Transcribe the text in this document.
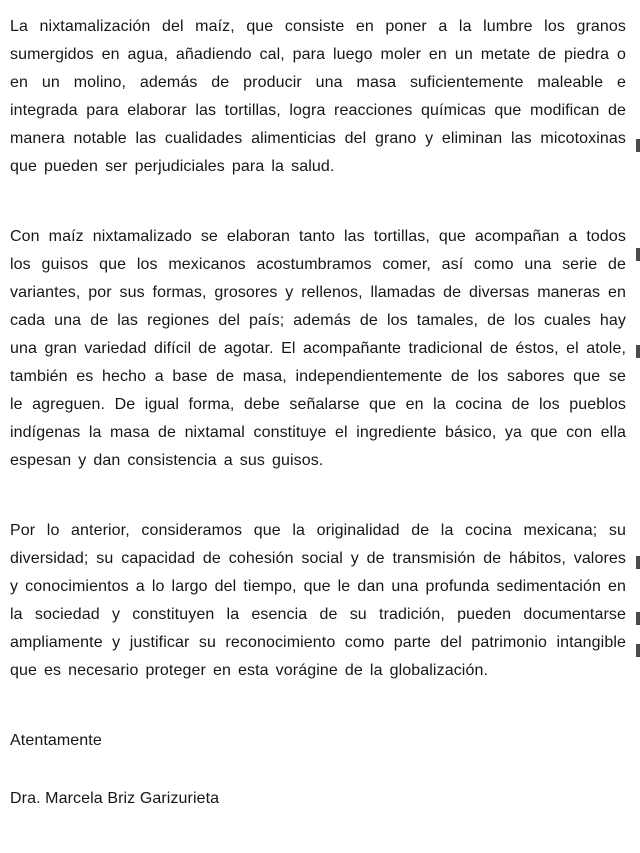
La nixtamalización del maíz, que consiste en poner a la lumbre los granos sumergidos en agua, añadiendo cal, para luego moler en un metate de piedra o en un molino, además de producir una masa suficientemente maleable e integrada para elaborar las tortillas, logra reacciones químicas que modifican de manera notable las cualidades alimenticias del grano y eliminan las micotoxinas que pueden ser perjudiciales para la salud.

Con maíz nixtamalizado se elaboran tanto las tortillas, que acompañan a todos los guisos que los mexicanos acostumbramos comer, así como una serie de variantes, por sus formas, grosores y rellenos, llamadas de diversas maneras en cada una de las regiones del país; además de los tamales, de los cuales hay una gran variedad difícil de agotar. El acompañante tradicional de éstos, el atole, también es hecho a base de masa, independientemente de los sabores que se le agreguen. De igual forma, debe señalarse que en la cocina de los pueblos indígenas la masa de nixtamal constituye el ingrediente básico, ya que con ella espesan y dan consistencia a sus guisos.

Por lo anterior, consideramos que la originalidad de la cocina mexicana; su diversidad; su capacidad de cohesión social y de transmisión de hábitos, valores y conocimientos a lo largo del tiempo, que le dan una profunda sedimentación en la sociedad y constituyen la esencia de su tradición, pueden documentarse ampliamente y justificar su reconocimiento como parte del patrimonio intangible que es necesario proteger en esta vorágine de la globalización.

Atentamente

Dra. Marcela Briz Garizurieta
